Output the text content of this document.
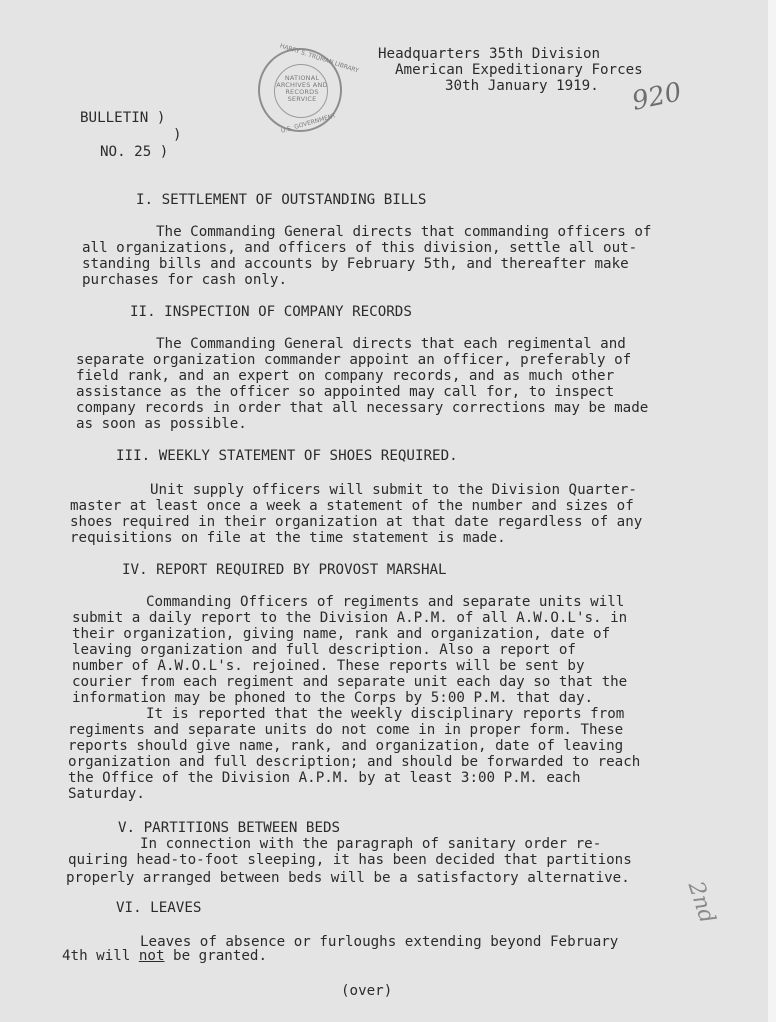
HARRY S. TRUMAN LIBRARY
U.S. GOVERNMENT
NATIONAL
ARCHIVES AND
RECORDS
SERVICE
Headquarters 35th Division
American Expeditionary Forces
30th January 1919. 920
BULLETIN )
)
NO. 25 )
I. SETTLEMENT OF OUTSTANDING BILLS
The Commanding General directs that commanding officers of
all organizations, and officers of this division, settle all out-
standing bills and accounts by February 5th, and thereafter make
purchases for cash only.
II. INSPECTION OF COMPANY RECORDS
The Commanding General directs that each regimental and
separate organization commander appoint an officer, preferably of
field rank, and an expert on company records, and as much other
assistance as the officer so appointed may call for, to inspect
company records in order that all necessary corrections may be made
as soon as possible.
III. WEEKLY STATEMENT OF SHOES REQUIRED.
Unit supply officers will submit to the Division Quarter-
master at least once a week a statement of the number and sizes of
shoes required in their organization at that date regardless of any
requisitions on file at the time statement is made.
IV. REPORT REQUIRED BY PROVOST MARSHAL
Commanding Officers of regiments and separate units will
submit a daily report to the Division A.P.M. of all A.W.O.L's. in
their organization, giving name, rank and organization, date of
leaving organization and full description. Also a report of
number of A.W.O.L's. rejoined. These reports will be sent by
courier from each regiment and separate unit each day so that the
information may be phoned to the Corps by 5:00 P.M. that day.
It is reported that the weekly disciplinary reports from
regiments and separate units do not come in in proper form. These
reports should give name, rank, and organization, date of leaving
organization and full description; and should be forwarded to reach
the Office of the Division A.P.M. by at least 3:00 P.M. each
Saturday.
V. PARTITIONS BETWEEN BEDS
In connection with the paragraph of sanitary order re-
quiring head-to-foot sleeping, it has been decided that partitions
properly arranged between beds will be a satisfactory alternative.
VI. LEAVES
Leaves of absence or furloughs extending beyond February
4th will not be granted.
2nd
(over)
